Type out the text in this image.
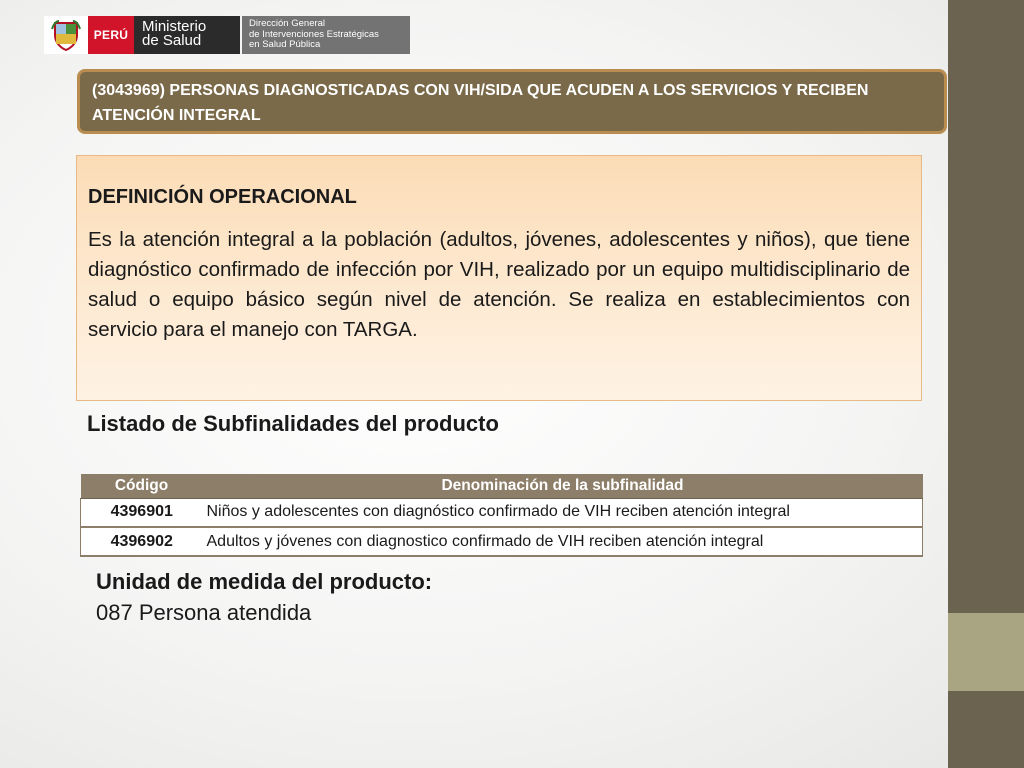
PERÚ Ministerio
de Salud
Dirección General
de Intervenciones Estratégicas
en Salud Pública
(3043969) PERSONAS DIAGNOSTICADAS CON VIH/SIDA QUE ACUDEN A LOS SERVICIOS Y RECIBEN ATENCIÓN INTEGRAL
DEFINICIÓN OPERACIONAL
Es la atención integral a la población (adultos, jóvenes, adolescentes y niños), que tiene diagnóstico confirmado de infección por VIH, realizado por un equipo multidisciplinario de salud o equipo básico según nivel de atención. Se realiza en establecimientos con servicio para el manejo con TARGA.
Listado de Subfinalidades del producto
Código	Denominación de la subfinalidad
4396901	Niños y adolescentes con diagnóstico confirmado de VIH reciben atención integral
4396902	Adultos y jóvenes con diagnostico confirmado de VIH reciben atención integral
Unidad de medida del producto:
087 Persona atendida
